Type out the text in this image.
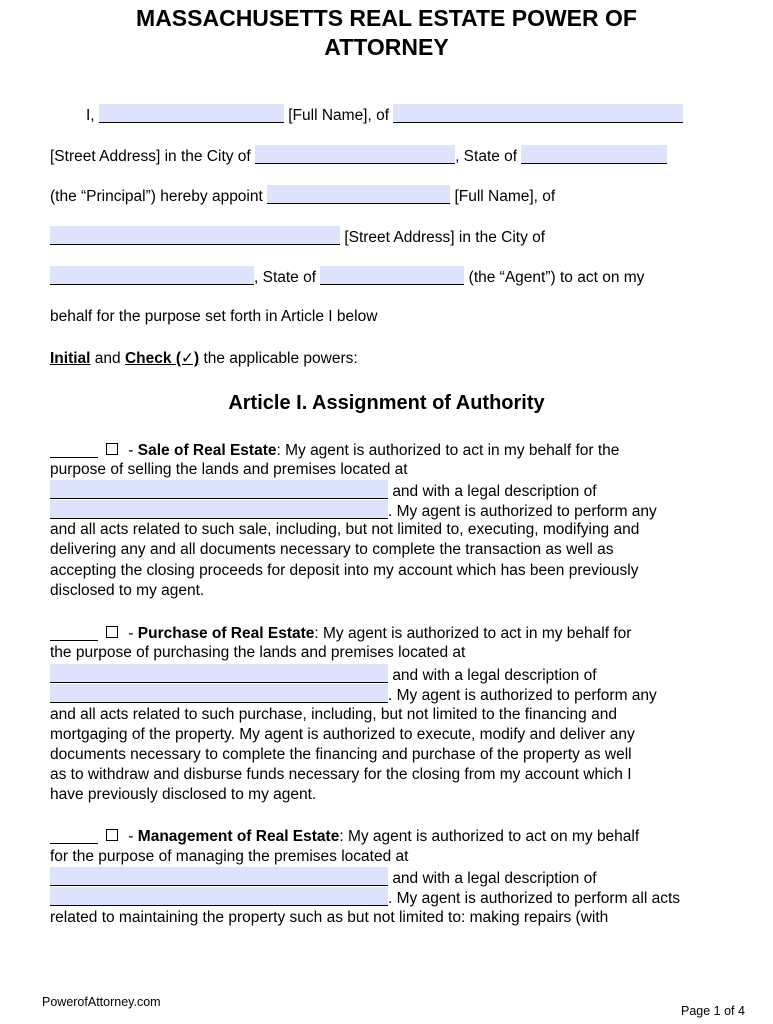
MASSACHUSETTS REAL ESTATE POWER OF
ATTORNEY
I,	[Full Name], of
[Street Address] in the City of	, State of
(the “Principal”) hereby appoint	[Full Name], of
[Street Address] in the City of
, State of	(the “Agent”) to act on my
behalf for the purpose set forth in Article I below
Initial and Check (✓) the applicable powers:
Article I. Assignment of Authority
- Sale of Real Estate: My agent is authorized to act in my behalf for the
purpose of selling the lands and premises located at
and with a legal description of
. My agent is authorized to perform any
and all acts related to such sale, including, but not limited to, executing, modifying and
delivering any and all documents necessary to complete the transaction as well as
accepting the closing proceeds for deposit into my account which has been previously
disclosed to my agent.
- Purchase of Real Estate: My agent is authorized to act in my behalf for
the purpose of purchasing the lands and premises located at
and with a legal description of
. My agent is authorized to perform any
and all acts related to such purchase, including, but not limited to the financing and
mortgaging of the property. My agent is authorized to execute, modify and deliver any
documents necessary to complete the financing and purchase of the property as well
as to withdraw and disburse funds necessary for the closing from my account which I
have previously disclosed to my agent.
- Management of Real Estate: My agent is authorized to act on my behalf
for the purpose of managing the premises located at
and with a legal description of
. My agent is authorized to perform all acts
related to maintaining the property such as but not limited to: making repairs (with
PowerofAttorney.com
Page 1 of 4
